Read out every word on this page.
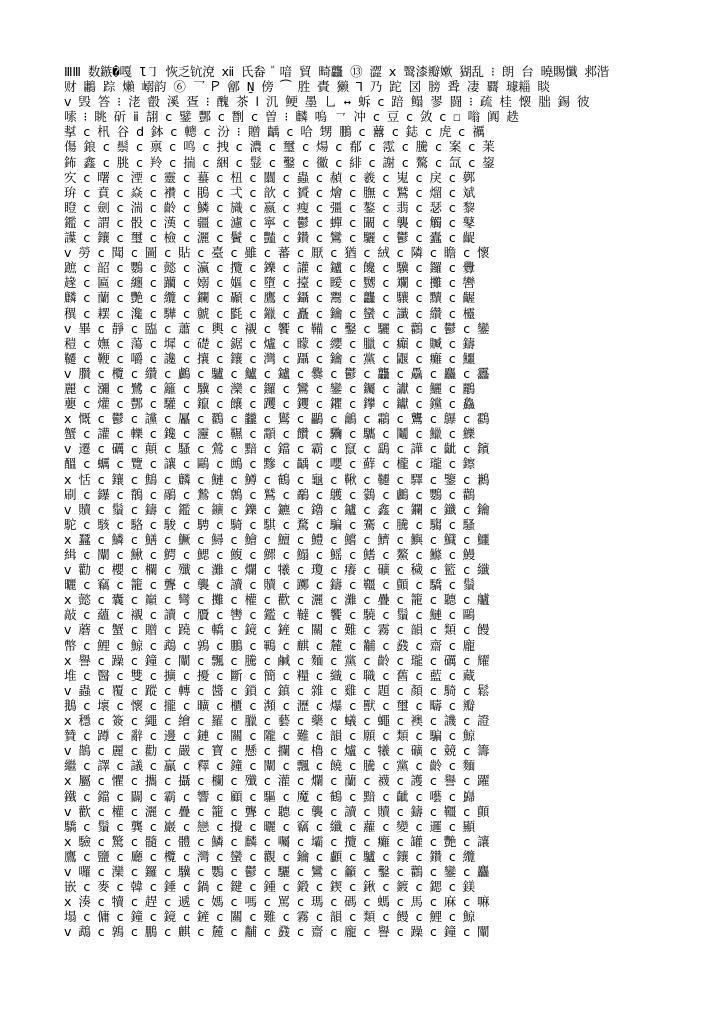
ⅢⅢ 数鏃�嘎 Ɩ㇆ 恢乏钪渷 ⅻ 氏畚 ꙵ 喑 貿 畸龘 ⑬ 澀 ⅹ 鹥漆瓣嫰 猢乱 ⁝ 朗 台 曉賜懺 䣇湝
财 鷛 踪 㸊 嵶韵 ⑥ ⺂ 𐊕 鄶 Ṉ 傍 ⁀ 胜 䝴 獭 ⅂ 乃 跎 㘝 膀 䎹 凄 覉 璩䎩 睒
ⅴ 毁 答 ⁝ 㳣 㲊 溪 疍 ⁝ 醜 茶 ⅼ 㲹 鲠 墨 乚 ↔ 蚸 ⅽ 踣 鳎 翏 闘 ⁝ 疏 桂 懐 朏 錫 彼
嗦 ⁝ 眺 斫 ⅱ 翓 ⅽ 鐾 酆 ⅽ 㔆 ⅽ 曽 ⁝ 麟 嗚 ㇖ 冲 ⅽ 豆 ⅽ 敛 ⅽ ☐ 嗡 阗 趃
㨍 ⅽ 㭄 谷 ⅾ 鉢 ⅽ 䡯 ⅽ 汾 ⁝ 贈 齲 ⅽ 哈 甥 鵬 ⅽ 䖀 ⅽ 鋕 ⅽ 虎 ⅽ 禲
傷 鋃 ⅽ 鬃 ⅽ 禀 ⅽ 鸣 ⅽ 拽 ⅽ 濃 ⅽ 璽 ⅽ 煬 ⅽ 郩 ⅽ 霐 ⅽ 騰 ⅽ 案 ⅽ 䒹
鈽 鑫 ⅽ 朓 ⅽ 羚 ⅽ 揣 ⅽ 綑 ⅽ 䰃 ⅽ 鑿 ⅽ 鰴 ⅽ 緋 ⅽ 謝 ⅽ 驁 ⅽ 氙 ⅽ 鋆
㝌 ⅽ 曙 ⅽ 湮 ⅽ 靈 ⅽ 蟇 ⅽ 杻 ⅽ 闒 ⅽ 蟲 ⅽ 赬 ⅽ 羲 ⅽ 嵬 ⅽ 戾 ⅽ 鄸
㺹 ⅽ 賁 ⅽ 焱 ⅽ 襸 ⅽ 鵑 ⅽ 弌 ⅽ 歆 ⅽ 贇 ⅽ 燴 ⅽ 膴 ⅽ 鷲 ⅽ 熘 ⅽ 斌
瞪 ⅽ 劍 ⅽ 湍 ⅽ 齡 ⅽ 鱗 ⅽ 旘 ⅽ 嬴 ⅽ 瘦 ⅽ 彊 ⅽ 鏊 ⅽ 翡 ⅽ 瑟 ⅽ 黎
鑑 ⅽ 謂 ⅽ 骰 ⅽ 漢 ⅽ 疆 ⅽ 濾 ⅽ 寧 ⅽ 鬱 ⅽ 蟬 ⅽ 闞 ⅽ 襲 ⅽ 觸 ⅽ 鼕
䜓 ⅽ 鑲 ⅽ 璽 ⅽ 檢 ⅽ 灑 ⅽ 鬢 ⅽ 豔 ⅽ 鑽 ⅽ 鸞 ⅽ 驪 ⅽ 鬱 ⅽ 蠹 ⅽ 齪
ⅴ 勞 ⅽ 聞 ⅽ 圖 ⅽ 貼 ⅽ 臺 ⅽ 雖 ⅽ 蕃 ⅽ 厭 ⅽ 猶 ⅽ 絨 ⅽ 隣 ⅽ 瞻 ⅽ 懷
蹠 ⅽ 韶 ⅽ 鸚 ⅽ 懿 ⅽ 瀛 ⅽ 攬 ⅽ 鑠 ⅽ 讙 ⅽ 鑪 ⅽ 饞 ⅽ 驥 ⅽ 鑼 ⅽ 釁
䞼 ⅽ 匾 ⅽ 纏 ⅽ 躪 ⅽ 嫋 ⅽ 嫗 ⅽ 墮 ⅽ 擡 ⅽ 瞹 ⅽ 嬲 ⅽ 斕 ⅽ 攤 ⅽ 轡
麟 ⅽ 蘭 ⅽ 艷 ⅽ 纜 ⅽ 鑭 ⅽ 顳 ⅽ 鷹 ⅽ 鑷 ⅽ 鬻 ⅽ 龘 ⅽ 驤 ⅽ 黷 ⅽ 齷
穓 ⅽ 䎬 ⅽ 瀺 ⅽ 驊 ⅽ 虩 ⅽ 㲯 ⅽ 鑞 ⅽ 矗 ⅽ 鑰 ⅽ 蠻 ⅽ 讖 ⅽ 纘 ⅽ 欞
ⅴ 畢 ⅽ 靜 ⅽ 臨 ⅽ 蕭 ⅽ 輿 ⅽ 襯 ⅽ 饗 ⅽ 鞴 ⅽ 鑿 ⅽ 驪 ⅽ 鸛 ⅽ 鬱 ⅽ 鑾
䅱 ⅽ 嫵 ⅽ 蕩 ⅽ 墀 ⅽ 礎 ⅽ 鋸 ⅽ 爐 ⅽ 矇 ⅽ 纓 ⅽ 臘 ⅽ 癲 ⅽ 贓 ⅽ 鑄
韆 ⅽ 鞭 ⅽ 嚼 ⅽ 讒 ⅽ 攘 ⅽ 鑲 ⅽ 灣 ⅽ 躡 ⅽ 鑰 ⅽ 黨 ⅽ 鼴 ⅽ 癱 ⅽ 鱷
ⅴ 臢 ⅽ 欖 ⅽ 纘 ⅽ 鸕 ⅽ 驢 ⅽ 鱸 ⅽ 鑪 ⅽ 爨 ⅽ 鬱 ⅽ 龘 ⅽ 驫 ⅽ 麤 ⅽ 靐
麗 ⅽ 瀰 ⅽ 鷺 ⅽ 籬 ⅽ 驥 ⅽ 灤 ⅽ 鑼 ⅽ 鸞 ⅽ 鑾 ⅽ 钃 ⅽ 讞 ⅽ 鱺 ⅽ 鸝
蘡 ⅽ 爟 ⅽ 酆 ⅽ 驩 ⅽ 鑹 ⅽ 饟 ⅽ 躩 ⅽ 钁 ⅽ 鑺 ⅽ 鑻 ⅽ 钀 ⅽ 钂 ⅽ 鱻
ⅹ 慨 ⅽ 鬱 ⅽ 讜 ⅽ 屭 ⅽ 鸐 ⅽ 龖 ⅽ 鸑 ⅽ 鸓 ⅽ 鸙 ⅽ 鸘 ⅽ 鸗 ⅽ 鸔 ⅽ 鸖
蟹 ⅽ 讙 ⅽ 轢 ⅽ 鑱 ⅽ 靋 ⅽ 韅 ⅽ 顬 ⅽ 饡 ⅽ 驧 ⅽ 驨 ⅽ 鬮 ⅽ 鱲 ⅽ 鱳
ⅴ 遷 ⅽ 礪 ⅽ 顛 ⅽ 騷 ⅽ 鶯 ⅽ 黯 ⅽ 鐺 ⅽ 霸 ⅽ 竄 ⅽ 鷂 ⅽ 譁 ⅽ 齜 ⅽ 鑌
醞 ⅽ 蠣 ⅽ 覽 ⅽ 讓 ⅽ 鷗 ⅽ 鷓 ⅽ 黲 ⅽ 齲 ⅽ 嚶 ⅽ 蘚 ⅽ 櫳 ⅽ 瓏 ⅽ 鑔
ⅹ 恬 ⅽ 鑲 ⅽ 鷦 ⅽ 麟 ⅽ 鰱 ⅽ 鱒 ⅽ 鶴 ⅽ 龜 ⅽ 鞦 ⅽ 韆 ⅽ 驛 ⅽ 鑒 ⅽ 鶼
刷 ⅽ 鑤 ⅽ 鶺 ⅽ 鷊 ⅽ 鷙 ⅽ 鷯 ⅽ 鷲 ⅽ 鷸 ⅽ 鸌 ⅽ 鸏 ⅽ 鸕 ⅽ 鸚 ⅽ 鸛
ⅴ 贖 ⅽ 鬚 ⅽ 鑄 ⅽ 鑑 ⅽ 鑛 ⅽ 鑠 ⅽ 鑣 ⅽ 鑥 ⅽ 鑪 ⅽ 鑫 ⅽ 鑭 ⅽ 鑯 ⅽ 鑰
駝 ⅽ 駭 ⅽ 駱 ⅽ 駿 ⅽ 騁 ⅽ 騎 ⅽ 騏 ⅽ 騖 ⅽ 騙 ⅽ 騫 ⅽ 騰 ⅽ 騶 ⅽ 騷
ⅹ 蠶 ⅽ 鱗 ⅽ 鱔 ⅽ 鱖 ⅽ 鱘 ⅽ 鱠 ⅽ 鱣 ⅽ 鱧 ⅽ 鱨 ⅽ 鱭 ⅽ 鱮 ⅽ 鱵 ⅽ 鱷
緝 ⅽ 闡 ⅽ 鰍 ⅽ 鰐 ⅽ 鰓 ⅽ 鰒 ⅽ 鰥 ⅽ 鰨 ⅽ 鰩 ⅽ 鰭 ⅽ 鰲 ⅽ 鰷 ⅽ 鰻
ⅴ 勸 ⅽ 櫻 ⅽ 欄 ⅽ 殲 ⅽ 灘 ⅽ 爛 ⅽ 犧 ⅽ 瓊 ⅽ 癢 ⅽ 礦 ⅽ 穢 ⅽ 籃 ⅽ 纖
曬 ⅽ 竊 ⅽ 籠 ⅽ 聾 ⅽ 襲 ⅽ 讀 ⅽ 贖 ⅽ 躑 ⅽ 鑄 ⅽ 韁 ⅽ 顫 ⅽ 驕 ⅽ 鬚
ⅹ 懿 ⅽ 囊 ⅽ 巔 ⅽ 彎 ⅽ 攤 ⅽ 權 ⅽ 歡 ⅽ 灑 ⅽ 灘 ⅽ 疊 ⅽ 籠 ⅽ 聽 ⅽ 艫
敲 ⅽ 蘊 ⅽ 襯 ⅽ 讀 ⅽ 贗 ⅽ 轡 ⅽ 鑑 ⅽ 韃 ⅽ 饗 ⅽ 驍 ⅽ 鬚 ⅽ 鰱 ⅽ 鷗
ⅴ 蘑 ⅽ 蟹 ⅽ 贈 ⅽ 蹺 ⅽ 轎 ⅽ 鏡 ⅽ 鏟 ⅽ 關 ⅽ 難 ⅽ 霧 ⅽ 韻 ⅽ 類 ⅽ 饅
幣 ⅽ 鯉 ⅽ 鯨 ⅽ 鵡 ⅽ 鶉 ⅽ 鵬 ⅽ 鶤 ⅽ 麒 ⅽ 麓 ⅽ 黼 ⅽ 鼗 ⅽ 齋 ⅽ 龐
ⅹ 譽 ⅽ 躁 ⅽ 鐘 ⅽ 闡 ⅽ 飄 ⅽ 騰 ⅽ 鹹 ⅽ 麵 ⅽ 黨 ⅽ 齡 ⅽ 瓏 ⅽ 礪 ⅽ 耀
堆 ⅽ 醫 ⅽ 雙 ⅽ 擴 ⅽ 擾 ⅽ 斷 ⅽ 簡 ⅽ 糧 ⅽ 織 ⅽ 職 ⅽ 舊 ⅽ 藍 ⅽ 藏
ⅴ 蟲 ⅽ 覆 ⅽ 蹤 ⅽ 轉 ⅽ 醬 ⅽ 鎖 ⅽ 鎮 ⅽ 雜 ⅽ 雞 ⅽ 題 ⅽ 顏 ⅽ 騎 ⅽ 鬆
鵝 ⅽ 壞 ⅽ 懷 ⅽ 攏 ⅽ 曠 ⅽ 櫃 ⅽ 瀕 ⅽ 瀝 ⅽ 爆 ⅽ 獸 ⅽ 璽 ⅽ 疇 ⅽ 瓣
ⅹ 穩 ⅽ 簽 ⅽ 繩 ⅽ 繪 ⅽ 羅 ⅽ 臘 ⅽ 藝 ⅽ 藥 ⅽ 蟻 ⅽ 蠅 ⅽ 襖 ⅽ 譏 ⅽ 證
贊 ⅽ 蹲 ⅽ 辭 ⅽ 邊 ⅽ 鏈 ⅽ 關 ⅽ 隴 ⅽ 難 ⅽ 韻 ⅽ 願 ⅽ 類 ⅽ 騙 ⅽ 鯨
ⅴ 鵲 ⅽ 麗 ⅽ 勸 ⅽ 嚴 ⅽ 寶 ⅽ 懸 ⅽ 攔 ⅽ 櫓 ⅽ 爐 ⅽ 犧 ⅽ 礦 ⅽ 競 ⅽ 籌
繼 ⅽ 譯 ⅽ 議 ⅽ 贏 ⅽ 釋 ⅽ 鐘 ⅽ 闡 ⅽ 飄 ⅽ 饒 ⅽ 騰 ⅽ 黨 ⅽ 齡 ⅽ 麵
ⅹ 屬 ⅽ 懼 ⅽ 攜 ⅽ 攝 ⅽ 欄 ⅽ 殲 ⅽ 灌 ⅽ 爛 ⅽ 蘭 ⅽ 襪 ⅽ 護 ⅽ 譽 ⅽ 躍
鐵 ⅽ 鐺 ⅽ 闢 ⅽ 霸 ⅽ 響 ⅽ 顧 ⅽ 驅 ⅽ 魔 ⅽ 鶴 ⅽ 黯 ⅽ 齜 ⅽ 囈 ⅽ 巋
ⅴ 歡 ⅽ 權 ⅽ 灑 ⅽ 疊 ⅽ 籠 ⅽ 聾 ⅽ 聽 ⅽ 襲 ⅽ 讀 ⅽ 贖 ⅽ 鑄 ⅽ 韁 ⅽ 顫
驕 ⅽ 鬚 ⅽ 龔 ⅽ 巖 ⅽ 戀 ⅽ 攪 ⅽ 曬 ⅽ 竊 ⅽ 纖 ⅽ 蘿 ⅽ 變 ⅽ 邏 ⅽ 顯
ⅹ 驗 ⅽ 驚 ⅽ 髓 ⅽ 體 ⅽ 鱗 ⅽ 麟 ⅽ 囑 ⅽ 壩 ⅽ 攬 ⅽ 癱 ⅽ 罐 ⅽ 艷 ⅽ 讓
鷹 ⅽ 鹽 ⅽ 廳 ⅽ 欖 ⅽ 灣 ⅽ 蠻 ⅽ 觀 ⅽ 鑰 ⅽ 顱 ⅽ 驢 ⅽ 鑲 ⅽ 鑽 ⅽ 纜
ⅴ 囉 ⅽ 灤 ⅽ 鑼 ⅽ 驥 ⅽ 鸚 ⅽ 鬱 ⅽ 驪 ⅽ 鸞 ⅽ 籲 ⅽ 鑿 ⅽ 鸛 ⅽ 鑾 ⅽ 麤
嵌 ⅽ 麥 ⅽ 韓 ⅽ 錘 ⅽ 鍋 ⅽ 鍵 ⅽ 鍾 ⅽ 鍛 ⅽ 鍥 ⅽ 鍬 ⅽ 鍍 ⅽ 鍶 ⅽ 鎂
ⅹ 湊 ⅽ 犢 ⅽ 趕 ⅽ 遞 ⅽ 媽 ⅽ 嗎 ⅽ 罵 ⅽ 瑪 ⅽ 碼 ⅽ 螞 ⅽ 馬 ⅽ 麻 ⅽ 嘛
塌 ⅽ 傭 ⅽ 鐘 ⅽ 鏡 ⅽ 鏟 ⅽ 關 ⅽ 難 ⅽ 霧 ⅽ 韻 ⅽ 類 ⅽ 饅 ⅽ 鯉 ⅽ 鯨
ⅴ 鵡 ⅽ 鶉 ⅽ 鵬 ⅽ 麒 ⅽ 麓 ⅽ 黼 ⅽ 鼗 ⅽ 齋 ⅽ 龐 ⅽ 譽 ⅽ 躁 ⅽ 鐘 ⅽ 闡
